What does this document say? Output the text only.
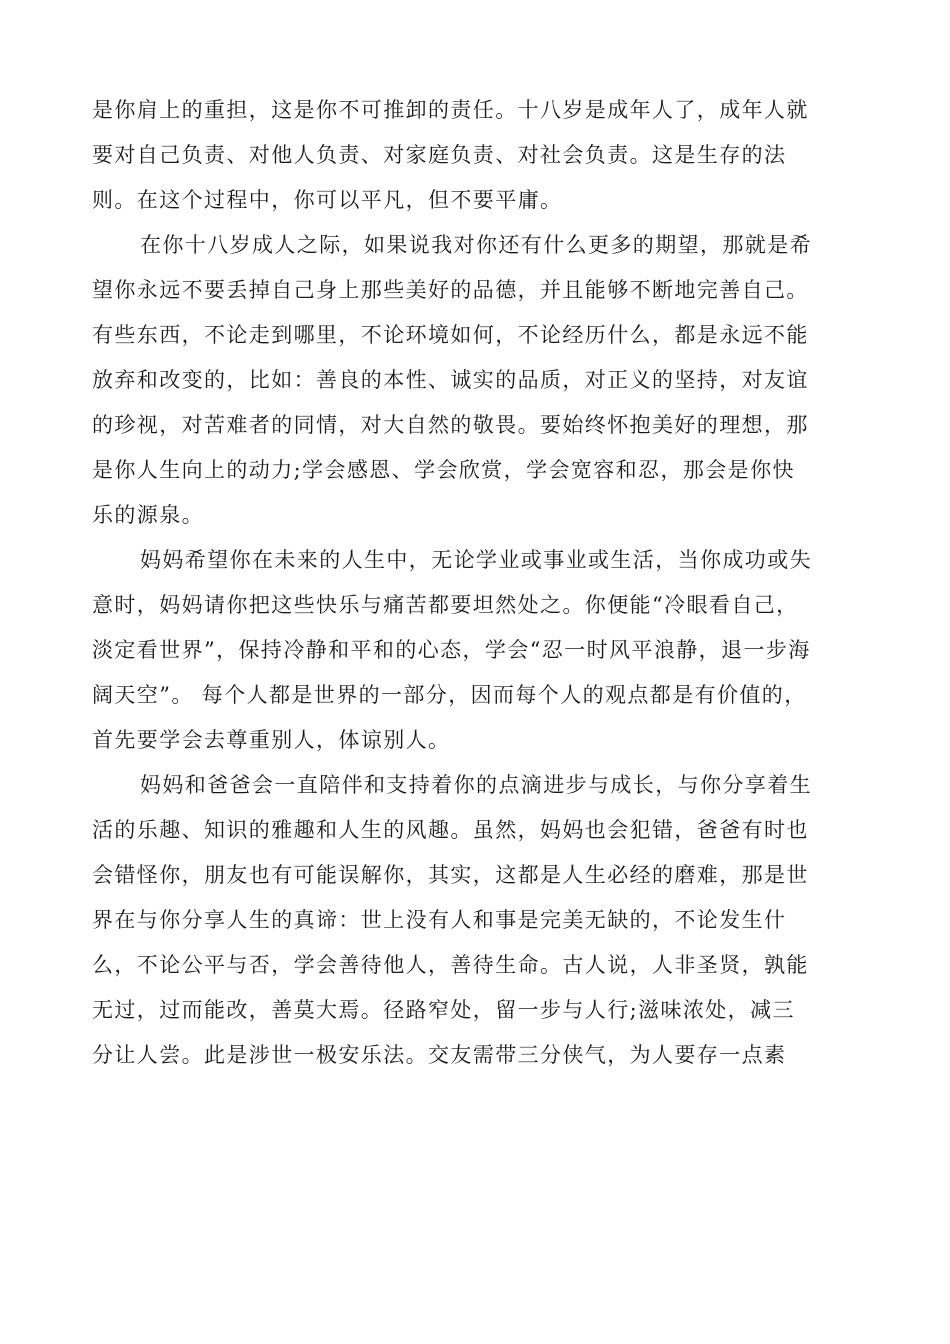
是你肩上的重担，这是你不可推卸的责任。十八岁是成年人了，成年人就
要对自己负责、对他人负责、对家庭负责、对社会负责。这是生存的法
则。在这个过程中，你可以平凡，但不要平庸。
在你十八岁成人之际，如果说我对你还有什么更多的期望，那就是希
望你永远不要丢掉自己身上那些美好的品德，并且能够不断地完善自己。
有些东西，不论走到哪里，不论环境如何，不论经历什么，都是永远不能
放弃和改变的，比如：善良的本性、诚实的品质，对正义的坚持，对友谊
的珍视，对苦难者的同情，对大自然的敬畏。要始终怀抱美好的理想，那
是你人生向上的动力;学会感恩、学会欣赏，学会宽容和忍，那会是你快
乐的源泉。
妈妈希望你在未来的人生中，无论学业或事业或生活，当你成功或失
意时，妈妈请你把这些快乐与痛苦都要坦然处之。你便能“冷眼看自己，
淡定看世界”，保持冷静和平和的心态，学会“忍一时风平浪静，退一步海
阔天空”。 每个人都是世界的一部分，因而每个人的观点都是有价值的，
首先要学会去尊重别人，体谅别人。
妈妈和爸爸会一直陪伴和支持着你的点滴进步与成长，与你分享着生
活的乐趣、知识的雅趣和人生的风趣。虽然，妈妈也会犯错，爸爸有时也
会错怪你，朋友也有可能误解你，其实，这都是人生必经的磨难，那是世
界在与你分享人生的真谛：世上没有人和事是完美无缺的，不论发生什
么，不论公平与否，学会善待他人，善待生命。古人说，人非圣贤，孰能
无过，过而能改，善莫大焉。径路窄处，留一步与人行;滋味浓处，减三
分让人尝。此是涉世一极安乐法。交友需带三分侠气，为人要存一点素
